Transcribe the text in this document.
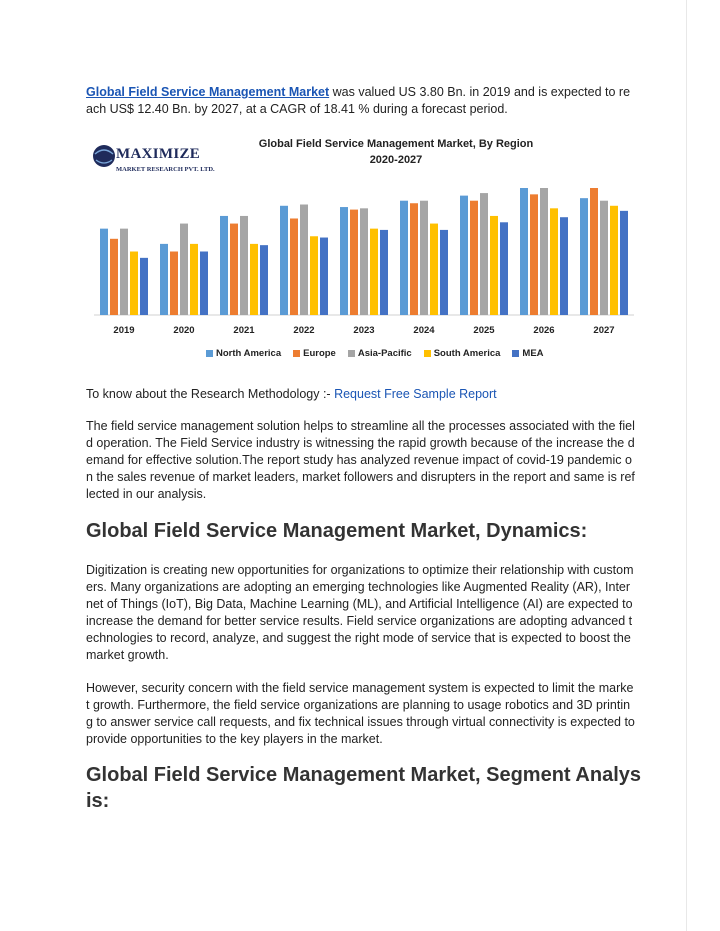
Global Field Service Management Market was valued US 3.80 Bn. in 2019 and is expected to reach US$ 12.40 Bn. by 2027, at a CAGR of 18.41 % during a forecast period.
MAXIMIZE
MARKET RESEARCH PVT. LTD.
Global Field Service Management Market, By Region
2020-2027
2019	2020	2021	2022	2023	2024	2025	2026	2027
North America Europe Asia-Pacific South America MEA
To know about the Research Methodology :- Request Free Sample Report
The field service management solution helps to streamline all the processes associated with the field operation. The Field Service industry is witnessing the rapid growth because of the increase the demand for effective solution.The report study has analyzed revenue impact of covid-19 pandemic on the sales revenue of market leaders, market followers and disrupters in the report and same is reflected in our analysis.
Global Field Service Management Market, Dynamics:
Digitization is creating new opportunities for organizations to optimize their relationship with customers. Many organizations are adopting an emerging technologies like Augmented Reality (AR), Internet of Things (IoT), Big Data, Machine Learning (ML), and Artificial Intelligence (AI) are expected to increase the demand for better service results. Field service organizations are adopting advanced technologies to record, analyze, and suggest the right mode of service that is expected to boost the market growth.
However, security concern with the field service management system is expected to limit the market growth. Furthermore, the field service organizations are planning to usage robotics and 3D printing to answer service call requests, and fix technical issues through virtual connectivity is expected to provide opportunities to the key players in the market.
Global Field Service Management Market, Segment Analysis:
